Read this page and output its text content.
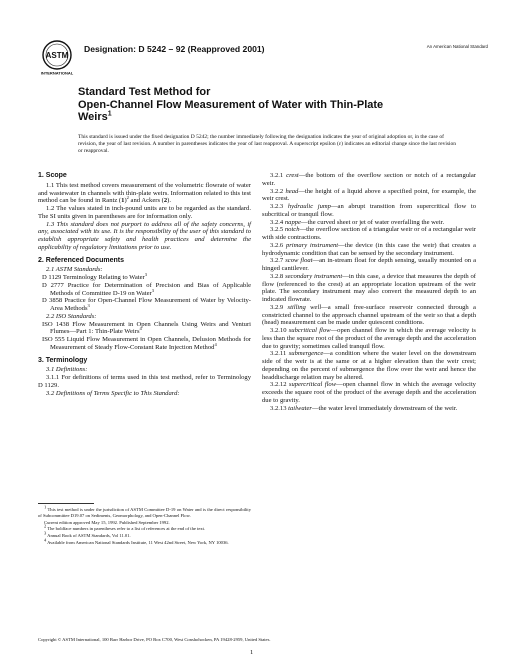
ASTM
INTERNATIONAL
Designation: D 5242 – 92 (Reapproved 2001)	An American National Standard
Standard Test Method for
Open-Channel Flow Measurement of Water with Thin-Plate
Weirs$^1$
This standard is issued under the fixed designation D 5242; the number immediately following the designation indicates the year of original adoption or, in the case of revision, the year of last revision. A number in parentheses indicates the year of last reapproval. A superscript epsilon (ε) indicates an editorial change since the last revision or reapproval.

1. Scope

1.1 This test method covers measurement of the volumetric flowrate of water and wastewater in channels with thin-plate weirs. Information related to this test method can be found in Rantz $(1)^2$ and Ackers (2).

1.2 The values stated in inch-pound units are to be regarded as the standard. The SI units given in parentheses are for information only.

1.3 This standard does not purport to address all of the safety concerns, if any, associated with its use. It is the responsibility of the user of this standard to establish appropriate safety and health practices and determine the applicability of regulatory limitations prior to use.

2. Referenced Documents

2.1 ASTM Standards:

D 1129 Terminology Relating to Water$^3$

D 2777 Practice for Determination of Precision and Bias of Applicable Methods of Committee D-19 on Water$^3$

D 3858 Practice for Open-Channel Flow Measurement of Water by Velocity-Area Methods$^3$

2.2 ISO Standards:

ISO 1438 Flow Measurement in Open Channels Using Weirs and Venturi Flumes—Part 1: Thin-Plate Weirs$^4$

ISO 555 Liquid Flow Measurement in Open Channels, Delusion Methods for Measurement of Steady Flow-Constant Rate Injection Method$^4$

3. Terminology

3.1 Definitions:

3.1.1 For definitions of terms used in this test method, refer to Terminology D 1129.

3.2 Definitions of Terms Specific to This Standard:

3.2.1 crest—the bottom of the overflow section or notch of a rectangular weir.

3.2.2 head—the height of a liquid above a specified point, for example, the weir crest.

3.2.3 hydraulic jump—an abrupt transition from supercritical flow to subcritical or tranquil flow.

3.2.4 nappe—the curved sheet or jet of water overfalling the weir.

3.2.5 notch—the overflow section of a triangular weir or of a rectangular weir with side contractions.

3.2.6 primary instrument—the device (in this case the weir) that creates a hydrodynamic condition that can be sensed by the secondary instrument.

3.2.7 scow float—an in-stream float for depth sensing, usually mounted on a hinged cantilever.

3.2.8 secondary instrument—in this case, a device that measures the depth of flow (referenced to the crest) at an appropriate location upstream of the weir plate. The secondary instrument may also convert the measured depth to an indicated flowrate.

3.2.9 stilling well—a small free-surface reservoir connected through a constricted channel to the approach channel upstream of the weir so that a depth (head) measurement can be made under quiescent conditions.

3.2.10 subcritical flow—open channel flow in which the average velocity is less than the square root of the product of the average depth and the acceleration due to gravity; sometimes called tranquil flow.

3.2.11 submergence—a condition where the water level on the downstream side of the weir is at the same or at a higher elevation than the weir crest; depending on the percent of submergence the flow over the weir and hence the headdischarge relation may be altered.

3.2.12 supercritical flow—open channel flow in which the average velocity exceeds the square root of the product of the average depth and the acceleration due to gravity.

3.2.13 tailwater—the water level immediately downstream of the weir.

$^1$ This test method is under the jurisdiction of ASTM Committee D-19 on Water and is the direct responsibility of Subcommittee D19.07 on Sediments, Geomorphology, and Open-Channel Flow.

Current edition approved May 15, 1992. Published September 1992.

$^2$ The boldface numbers in parentheses refer to a list of references at the end of the text.

$^3$ Annual Book of ASTM Standards, Vol 11.01.

$^4$ Available from American National Standards Institute, 11 West 42nd Street, New York, NY 10036.

Copyright © ASTM International, 100 Barr Harbor Drive, PO Box C700, West Conshohocken, PA 19428-2959, United States.
1
